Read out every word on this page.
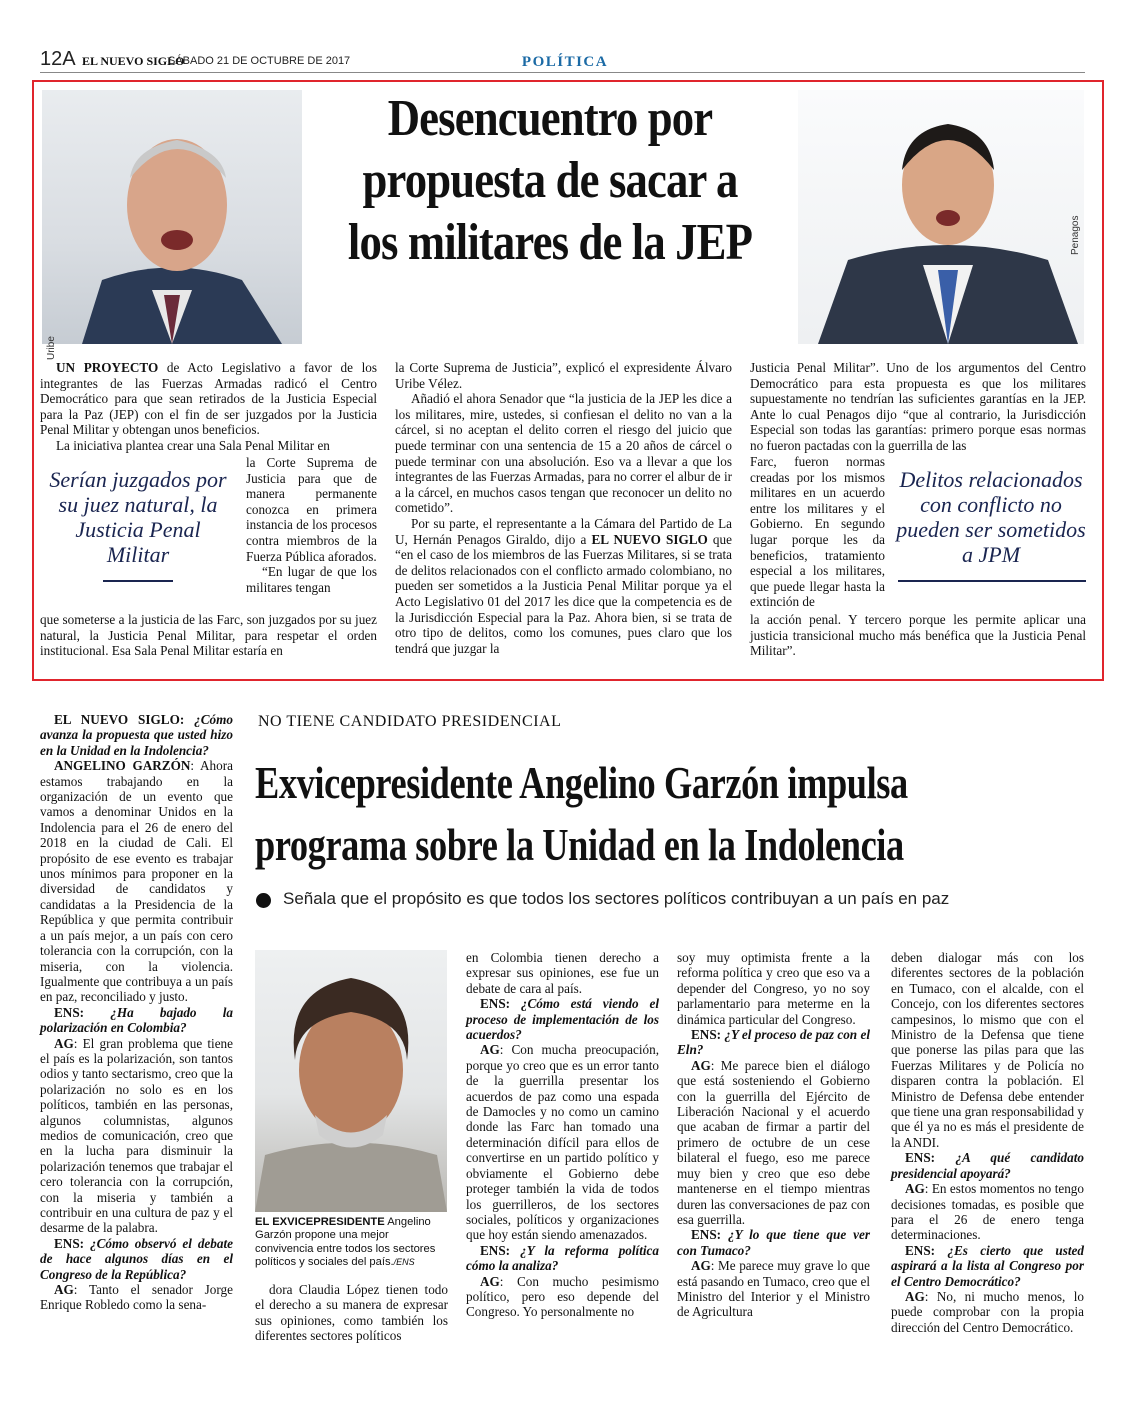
12A EL NUEVO SIGLO
SÁBADO 21 DE OCTUBRE DE 2017	POLÍTICA
Uribe
Penagos
Desencuentro por
propuesta de sacar a
los militares de la JEP

UN PROYECTO de Acto Legislativo a favor de los integrantes de las Fuerzas Armadas radicó el Centro Democrático para que sean retirados de la Justicia Especial para la Paz (JEP) con el fin de ser juzgados por la Justicia Penal Militar y obtengan unos beneficios.

La iniciativa plantea crear una Sala Penal Militar en

la Corte Suprema de Justicia para que de manera permanente conozca en primera instancia de los procesos contra miembros de la Fuerza Pública aforados.

“En lugar de que los militares tengan

que someterse a la justicia de las Farc, son juzgados por su juez natural, la Justicia Penal Militar, para respetar el orden institucional. Esa Sala Penal Militar estaría en

Serían juzgados por su juez natural, la Justicia Penal Militar

la Corte Suprema de Justicia”, explicó el expresidente Álvaro Uribe Vélez.

Añadió el ahora Senador que “la justicia de la JEP les dice a los militares, mire, ustedes, si confiesan el delito no van a la cárcel, si no aceptan el delito corren el riesgo del juicio que puede terminar con una sentencia de 15 a 20 años de cárcel o puede terminar con una absolución. Eso va a llevar a que los integrantes de las Fuerzas Armadas, para no correr el albur de ir a la cárcel, en muchos casos tengan que reconocer un delito no cometido”.

Por su parte, el representante a la Cámara del Partido de La U, Hernán Penagos Giraldo, dijo a EL NUEVO SIGLO que “en el caso de los miembros de las Fuerzas Militares, si se trata de delitos relacionados con el conflicto armado colombiano, no pueden ser sometidos a la Justicia Penal Militar porque ya el Acto Legislativo 01 del 2017 les dice que la competencia es de la Jurisdicción Especial para la Paz. Ahora bien, si se trata de otro tipo de delitos, como los comunes, pues claro que los tendrá que juzgar la

Justicia Penal Militar”. Uno de los argumentos del Centro Democrático para esta propuesta es que los militares supuestamente no tendrían las suficientes garantías en la JEP. Ante lo cual Penagos dijo “que al contrario, la Jurisdicción Especial son todas las garantías: primero porque esas normas no fueron pactadas con la guerrilla de las

Farc, fueron normas creadas por los mismos militares en un acuerdo entre los militares y el Gobierno. En segundo lugar porque les da beneficios, tratamiento especial a los militares, que puede llegar hasta la extinción de

la acción penal. Y tercero porque les permite aplicar una justicia transicional mucho más benéfica que la Justicia Penal Militar”.

Delitos relacionados con conflicto no pueden ser sometidos a JPM
NO TIENE CANDIDATO PRESIDENCIAL
Exvicepresidente Angelino Garzón impulsa
programa sobre la Unidad en la Indolencia
Señala que el propósito es que todos los sectores políticos contribuyan a un país en paz

EL NUEVO SIGLO: ¿Cómo avanza la propuesta que usted hizo en la Unidad en la Indolencia?

ANGELINO GARZÓN: Ahora estamos trabajando en la organización de un evento que vamos a denominar Unidos en la Indolencia para el 26 de enero del 2018 en la ciudad de Cali. El propósito de ese evento es trabajar unos mínimos para proponer en la diversidad de candidatos y candidatas a la Presidencia de la República y que permita contribuir a un país mejor, a un país con cero tolerancia con la corrupción, con la miseria, con la violencia. Igualmente que contribuya a un país en paz, reconciliado y justo.

ENS: ¿Ha bajado la polarización en Colombia?

AG: El gran problema que tiene el país es la polarización, son tantos odios y tanto sectarismo, creo que la polarización no solo es en los políticos, también en las personas, algunos columnistas, algunos medios de comunicación, creo que en la lucha para disminuir la polarización tenemos que trabajar el cero tolerancia con la corrupción, con la miseria y también a contribuir en una cultura de paz y el desarme de la palabra.

ENS: ¿Cómo observó el debate de hace algunos días en el Congreso de la República?

AG: Tanto el senador Jorge Enrique Robledo como la sena-

EL EXVICEPRESIDENTE Angelino Garzón propone una mejor convivencia entre todos los sectores políticos y sociales del país./ENS

dora Claudia López tienen todo el derecho a su manera de expresar sus opiniones, como también los diferentes sectores políticos

en Colombia tienen derecho a expresar sus opiniones, ese fue un debate de cara al país.

ENS: ¿Cómo está viendo el proceso de implementación de los acuerdos?

AG: Con mucha preocupación, porque yo creo que es un error tanto de la guerrilla presentar los acuerdos de paz como una espada de Damocles y no como un camino donde las Farc han tomado una determinación difícil para ellos de convertirse en un partido político y obviamente el Gobierno debe proteger también la vida de todos los guerrilleros, de los sectores sociales, políticos y organizaciones que hoy están siendo amenazados.

ENS: ¿Y la reforma política cómo la analiza?

AG: Con mucho pesimismo político, pero eso depende del Congreso. Yo personalmente no

soy muy optimista frente a la reforma política y creo que eso va a depender del Congreso, yo no soy parlamentario para meterme en la dinámica particular del Congreso.

ENS: ¿Y el proceso de paz con el Eln?

AG: Me parece bien el diálogo que está sosteniendo el Gobierno con la guerrilla del Ejército de Liberación Nacional y el acuerdo que acaban de firmar a partir del primero de octubre de un cese bilateral el fuego, eso me parece muy bien y creo que eso debe mantenerse en el tiempo mientras duren las conversaciones de paz con esa guerrilla.

ENS: ¿Y lo que tiene que ver con Tumaco?

AG: Me parece muy grave lo que está pasando en Tumaco, creo que el Ministro del Interior y el Ministro de Agricultura

deben dialogar más con los diferentes sectores de la población en Tumaco, con el alcalde, con el Concejo, con los diferentes sectores campesinos, lo mismo que con el Ministro de la Defensa que tiene que ponerse las pilas para que las Fuerzas Militares y de Policía no disparen contra la población. El Ministro de Defensa debe entender que tiene una gran responsabilidad y que él ya no es más el presidente de la ANDI.

ENS: ¿A qué candidato presidencial apoyará?

AG: En estos momentos no tengo decisiones tomadas, es posible que para el 26 de enero tenga determinaciones.

ENS: ¿Es cierto que usted aspirará a la lista al Congreso por el Centro Democrático?

AG: No, ni mucho menos, lo puede comprobar con la propia dirección del Centro Democrático.
